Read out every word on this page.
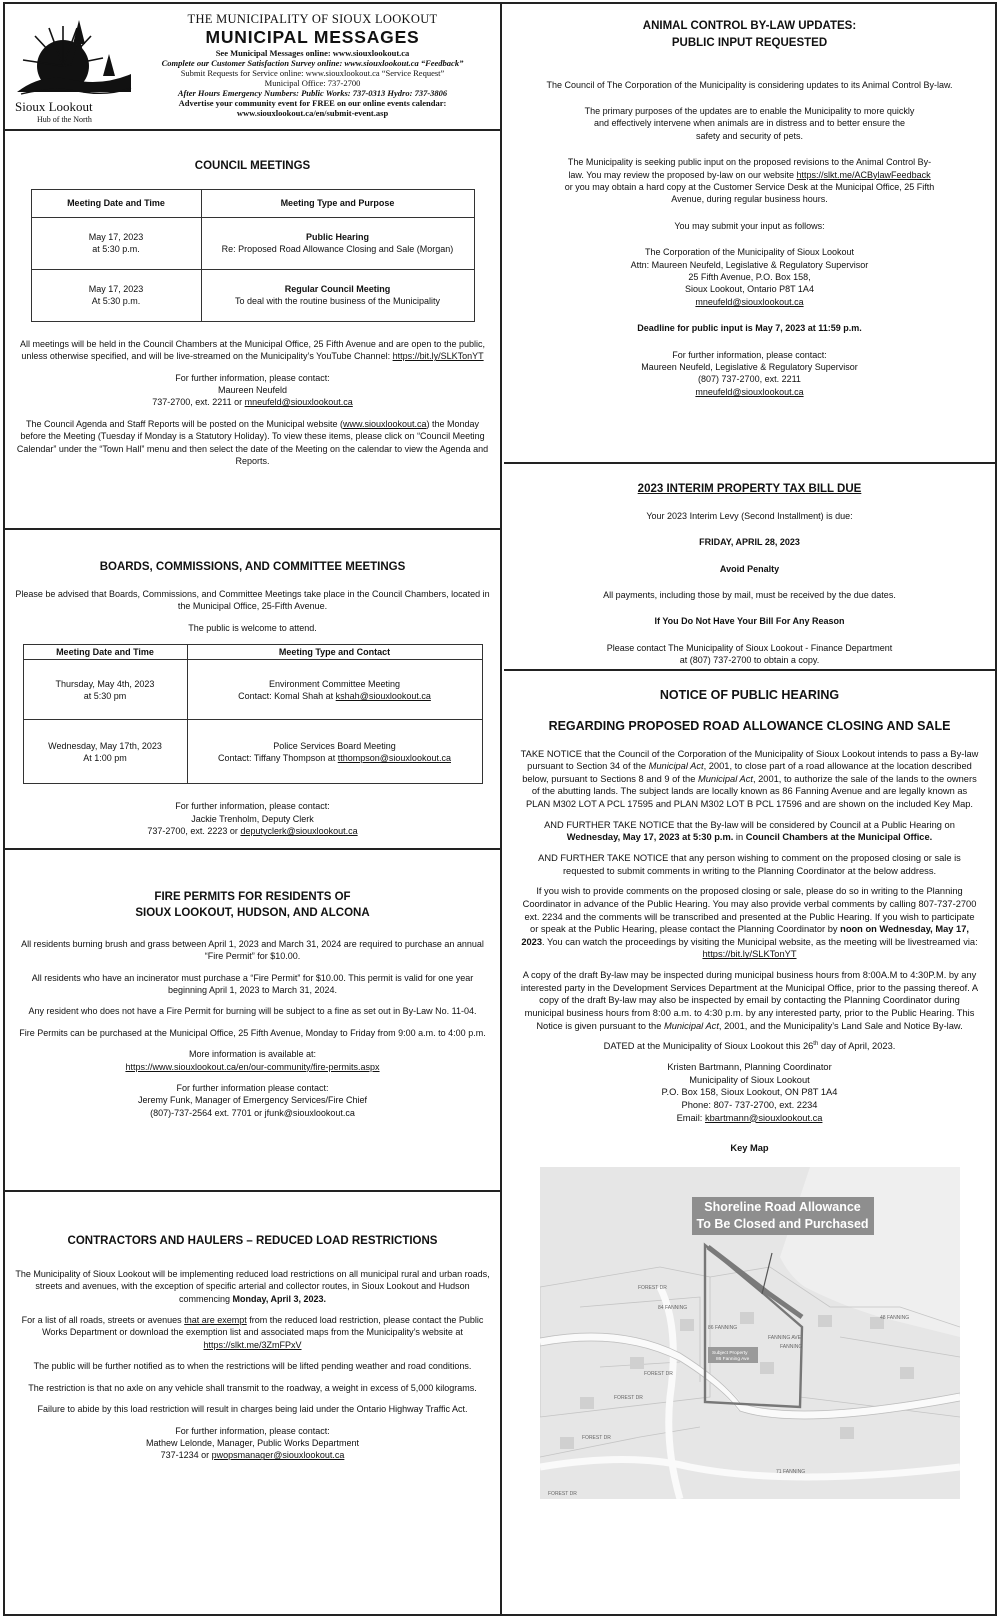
Sioux Lookout
Hub of the North
THE MUNICIPALITY OF SIOUX LOOKOUT
MUNICIPAL MESSAGES
See Municipal Messages online: www.siouxlookout.ca
Complete our Customer Satisfaction Survey online: www.siouxlookout.ca “Feedback”
Submit Requests for Service online: www.siouxlookout.ca “Service Request”
Municipal Office: 737-2700
After Hours Emergency Numbers: Public Works: 737-0313 Hydro: 737-3806
Advertise your community event for FREE on our online events calendar:
www.siouxlookout.ca/en/submit-event.asp
COUNCIL MEETINGS
Meeting Date and Time	Meeting Type and Purpose
May 17, 2023
at 5:30 p.m.	Public Hearing
Re: Proposed Road Allowance Closing and Sale (Morgan)
May 17, 2023
At 5:30 p.m.	Regular Council Meeting
To deal with the routine business of the Municipality

All meetings will be held in the Council Chambers at the Municipal Office, 25 Fifth Avenue and are open to the public, unless otherwise specified, and will be live-streamed on the Municipality’s YouTube Channel: https://bit.ly/SLKTonYT

For further information, please contact:
Maureen Neufeld
737-2700, ext. 2211 or mneufeld@siouxlookout.ca

The Council Agenda and Staff Reports will be posted on the Municipal website (www.siouxlookout.ca) the Monday before the Meeting (Tuesday if Monday is a Statutory Holiday). To view these items, please click on “Council Meeting Calendar” under the “Town Hall” menu and then select the date of the Meeting on the calendar to view the Agenda and Reports.

BOARDS, COMMISSIONS, AND COMMITTEE MEETINGS

Please be advised that Boards, Commissions, and Committee Meetings take place in the Council Chambers, located in the Municipal Office, 25-Fifth Avenue.

The public is welcome to attend.

Meeting Date and Time	Meeting Type and Contact
Thursday, May 4th, 2023
at 5:30 pm	Environment Committee Meeting
Contact: Komal Shah at kshah@siouxlookout.ca
Wednesday, May 17th, 2023
At 1:00 pm	Police Services Board Meeting
Contact: Tiffany Thompson at tthompson@siouxlookout.ca

For further information, please contact:
Jackie Trenholm, Deputy Clerk
737-2700, ext. 2223 or deputyclerk@siouxlookout.ca

FIRE PERMITS FOR RESIDENTS OF
SIOUX LOOKOUT, HUDSON, AND ALCONA

All residents burning brush and grass between April 1, 2023 and March 31, 2024 are required to purchase an annual “Fire Permit” for $10.00.

All residents who have an incinerator must purchase a “Fire Permit” for $10.00. This permit is valid for one year beginning April 1, 2023 to March 31, 2024.

Any resident who does not have a Fire Permit for burning will be subject to a fine as set out in By-Law No. 11-04.

Fire Permits can be purchased at the Municipal Office, 25 Fifth Avenue, Monday to Friday from 9:00 a.m. to 4:00 p.m.

More information is available at:
https://www.siouxlookout.ca/en/our-community/fire-permits.aspx

For further information please contact:
Jeremy Funk, Manager of Emergency Services/Fire Chief
(807)-737-2564 ext. 7701 or jfunk@siouxlookout.ca

CONTRACTORS AND HAULERS – REDUCED LOAD RESTRICTIONS

The Municipality of Sioux Lookout will be implementing reduced load restrictions on all municipal rural and urban roads, streets and avenues, with the exception of specific arterial and collector routes, in Sioux Lookout and Hudson commencing Monday, April 3, 2023.

For a list of all roads, streets or avenues that are exempt from the reduced load restriction, please contact the Public Works Department or download the exemption list and associated maps from the Municipality’s website at https://slkt.me/3ZmFPxV

The public will be further notified as to when the restrictions will be lifted pending weather and road conditions.

The restriction is that no axle on any vehicle shall transmit to the roadway, a weight in excess of 5,000 kilograms.

Failure to abide by this load restriction will result in charges being laid under the Ontario Highway Traffic Act.

For further information, please contact:
Mathew Lelonde, Manager, Public Works Department
737-1234 or pwopsmanager@siouxlookout.ca

ANIMAL CONTROL BY-LAW UPDATES:
PUBLIC INPUT REQUESTED

The Council of The Corporation of the Municipality is considering updates to its Animal Control By-law.

The primary purposes of the updates are to enable the Municipality to more quickly and effectively intervene when animals are in distress and to better ensure the safety and security of pets.

The Municipality is seeking public input on the proposed revisions to the Animal Control By-law. You may review the proposed by-law on our website https://slkt.me/ACBylawFeedback or you may obtain a hard copy at the Customer Service Desk at the Municipal Office, 25 Fifth Avenue, during regular business hours.

You may submit your input as follows:

The Corporation of the Municipality of Sioux Lookout
Attn: Maureen Neufeld, Legislative & Regulatory Supervisor
25 Fifth Avenue, P.O. Box 158,
Sioux Lookout, Ontario P8T 1A4
mneufeld@siouxlookout.ca

Deadline for public input is May 7, 2023 at 11:59 p.m.

For further information, please contact:
Maureen Neufeld, Legislative & Regulatory Supervisor
(807) 737-2700, ext. 2211
mneufeld@siouxlookout.ca

2023 INTERIM PROPERTY TAX BILL DUE

Your 2023 Interim Levy (Second Installment) is due:

FRIDAY, APRIL 28, 2023

Avoid Penalty

All payments, including those by mail, must be received by the due dates.

If You Do Not Have Your Bill For Any Reason

Please contact The Municipality of Sioux Lookout - Finance Department at (807) 737-2700 to obtain a copy.

NOTICE OF PUBLIC HEARING
REGARDING PROPOSED ROAD ALLOWANCE CLOSING AND SALE

TAKE NOTICE that the Council of the Corporation of the Municipality of Sioux Lookout intends to pass a By-law pursuant to Section 34 of the Municipal Act, 2001, to close part of a road allowance at the location described below, pursuant to Sections 8 and 9 of the Municipal Act, 2001, to authorize the sale of the lands to the owners of the abutting lands. The subject lands are locally known as 86 Fanning Avenue and are legally known as PLAN M302 LOT A PCL 17595 and PLAN M302 LOT B PCL 17596 and are shown on the included Key Map.

AND FURTHER TAKE NOTICE that the By-law will be considered by Council at a Public Hearing on Wednesday, May 17, 2023 at 5:30 p.m. in Council Chambers at the Municipal Office.

AND FURTHER TAKE NOTICE that any person wishing to comment on the proposed closing or sale is requested to submit comments in writing to the Planning Coordinator at the below address.

If you wish to provide comments on the proposed closing or sale, please do so in writing to the Planning Coordinator in advance of the Public Hearing. You may also provide verbal comments by calling 807-737-2700 ext. 2234 and the comments will be transcribed and presented at the Public Hearing. If you wish to participate or speak at the Public Hearing, please contact the Planning Coordinator by noon on Wednesday, May 17, 2023. You can watch the proceedings by visiting the Municipal website, as the meeting will be livestreamed via: https://bit.ly/SLKTonYT

A copy of the draft By-law may be inspected during municipal business hours from 8:00A.M to 4:30P.M. by any interested party in the Development Services Department at the Municipal Office, prior to the passing thereof. A copy of the draft By-law may also be inspected by email by contacting the Planning Coordinator during municipal business hours from 8:00 a.m. to 4:30 p.m. by any interested party, prior to the Public Hearing. This Notice is given pursuant to the Municipal Act, 2001, and the Municipality’s Land Sale and Notice By-law.

DATED at the Municipality of Sioux Lookout this 26th day of April, 2023.

Kristen Bartmann, Planning Coordinator
Municipality of Sioux Lookout
P.O. Box 158, Sioux Lookout, ON P8T 1A4
Phone: 807- 737-2700, ext. 2234
Email: kbartmann@siouxlookout.ca

Key Map

Subject Property
86 Fanning Ave
FOREST DR
84 FANNING
86 FANNING
FANNING AVE
FANNING
FOREST DR
FOREST DR
FOREST DR
71 FANNING
FOREST DR
48 FANNING
Shoreline Road Allowance
To Be Closed and Purchased
